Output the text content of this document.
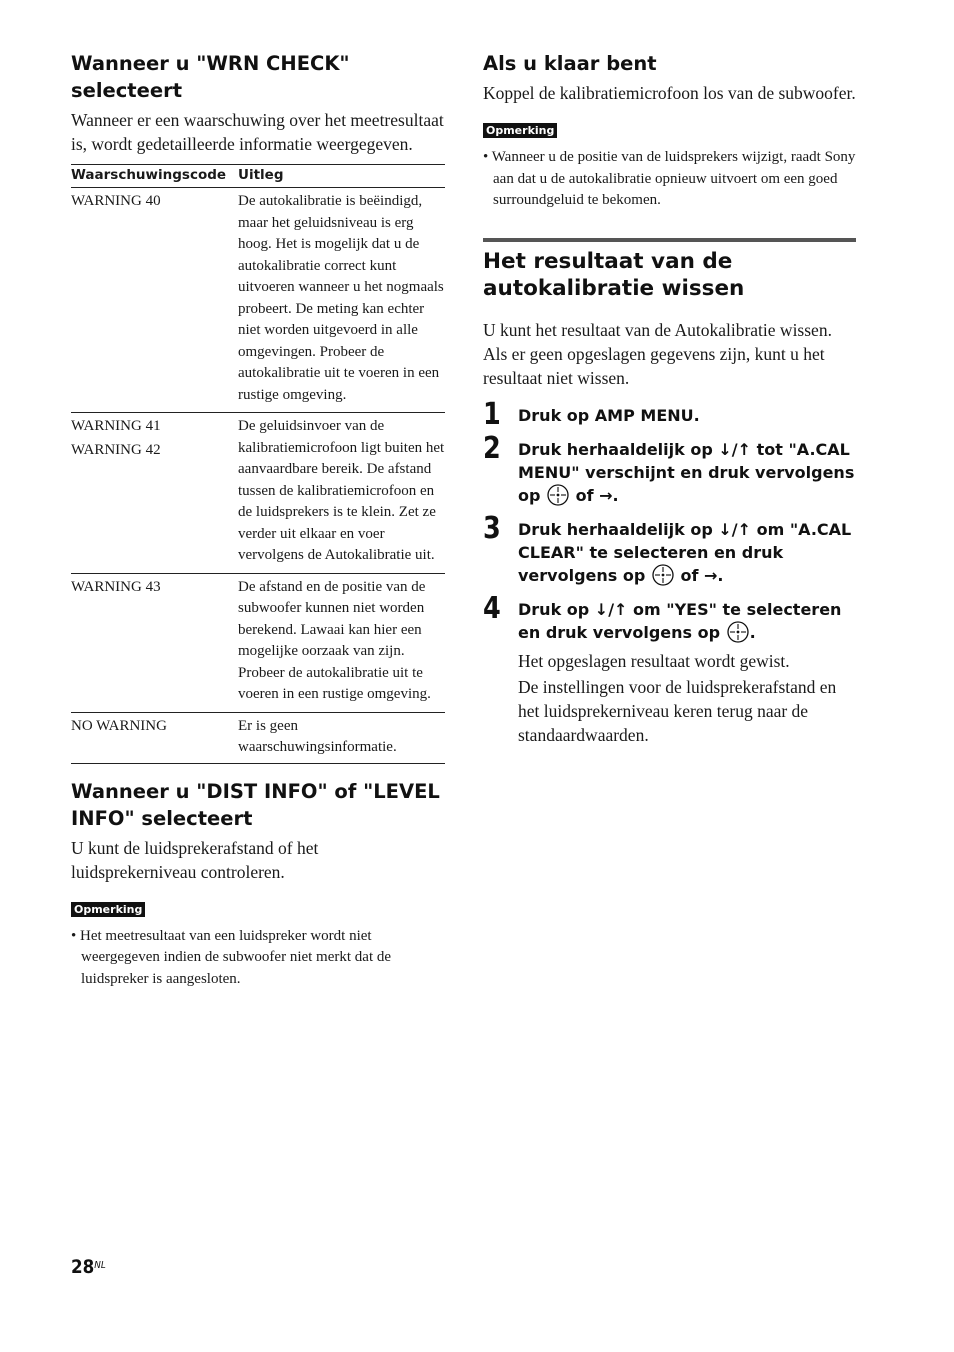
Wanneer u "WRN CHECK" selecteert

Wanneer er een waarschuwing over het meetresultaat is, wordt gedetailleerde informatie weergegeven.

Waarschuwingscode	Uitleg

WARNING 40	De autokalibratie is beëindigd, maar het geluidsniveau is erg hoog. Het is mogelijk dat u de autokalibratie correct kunt uitvoeren wanneer u het nogmaals probeert. De meting kan echter niet worden uitgevoerd in alle omgevingen. Probeer de autokalibratie uit te voeren in een rustige omgeving.

WARNING 41
WARNING 42	De geluidsinvoer van de kalibratiemicrofoon ligt buiten het aanvaardbare bereik. De afstand tussen de kalibratiemicrofoon en de luidsprekers is te klein. Zet ze verder uit elkaar en voer vervolgens de Autokalibratie uit.

WARNING 43	De afstand en de positie van de subwoofer kunnen niet worden berekend. Lawaai kan hier een mogelijke oorzaak van zijn. Probeer de autokalibratie uit te voeren in een rustige omgeving.

NO WARNING	Er is geen waarschuwingsinformatie.
Wanneer u "DIST INFO" of "LEVEL INFO" selecteert

U kunt de luidsprekerafstand of het luidsprekerniveau controleren.

Opmerking
• Het meetresultaat van een luidspreker wordt niet weergegeven indien de subwoofer niet merkt dat de luidspreker is aangesloten.
Als u klaar bent

Koppel de kalibratiemicrofoon los van de subwoofer.

Opmerking
• Wanneer u de positie van de luidsprekers wijzigt, raadt Sony aan dat u de autokalibratie opnieuw uitvoert om een goed surroundgeluid te bekomen.
Het resultaat van de autokalibratie wissen

U kunt het resultaat van de Autokalibratie wissen. Als er geen opgeslagen gegevens zijn, kunt u het resultaat niet wissen.

1 Druk op AMP MENU.
2 Druk herhaaldelijk op ↓/↑ tot "A.CAL MENU" verschijnt en druk vervolgens op of →.
3 Druk herhaaldelijk op ↓/↑ om "A.CAL CLEAR" te selecteren en druk vervolgens op of →.
4 Druk op ↓/↑ om "YES" te selecteren en druk vervolgens op .

Het opgeslagen resultaat wordt gewist.

De instellingen voor de luidsprekerafstand en het luidsprekerniveau keren terug naar de standaardwaarden.

$28^{NL}$
